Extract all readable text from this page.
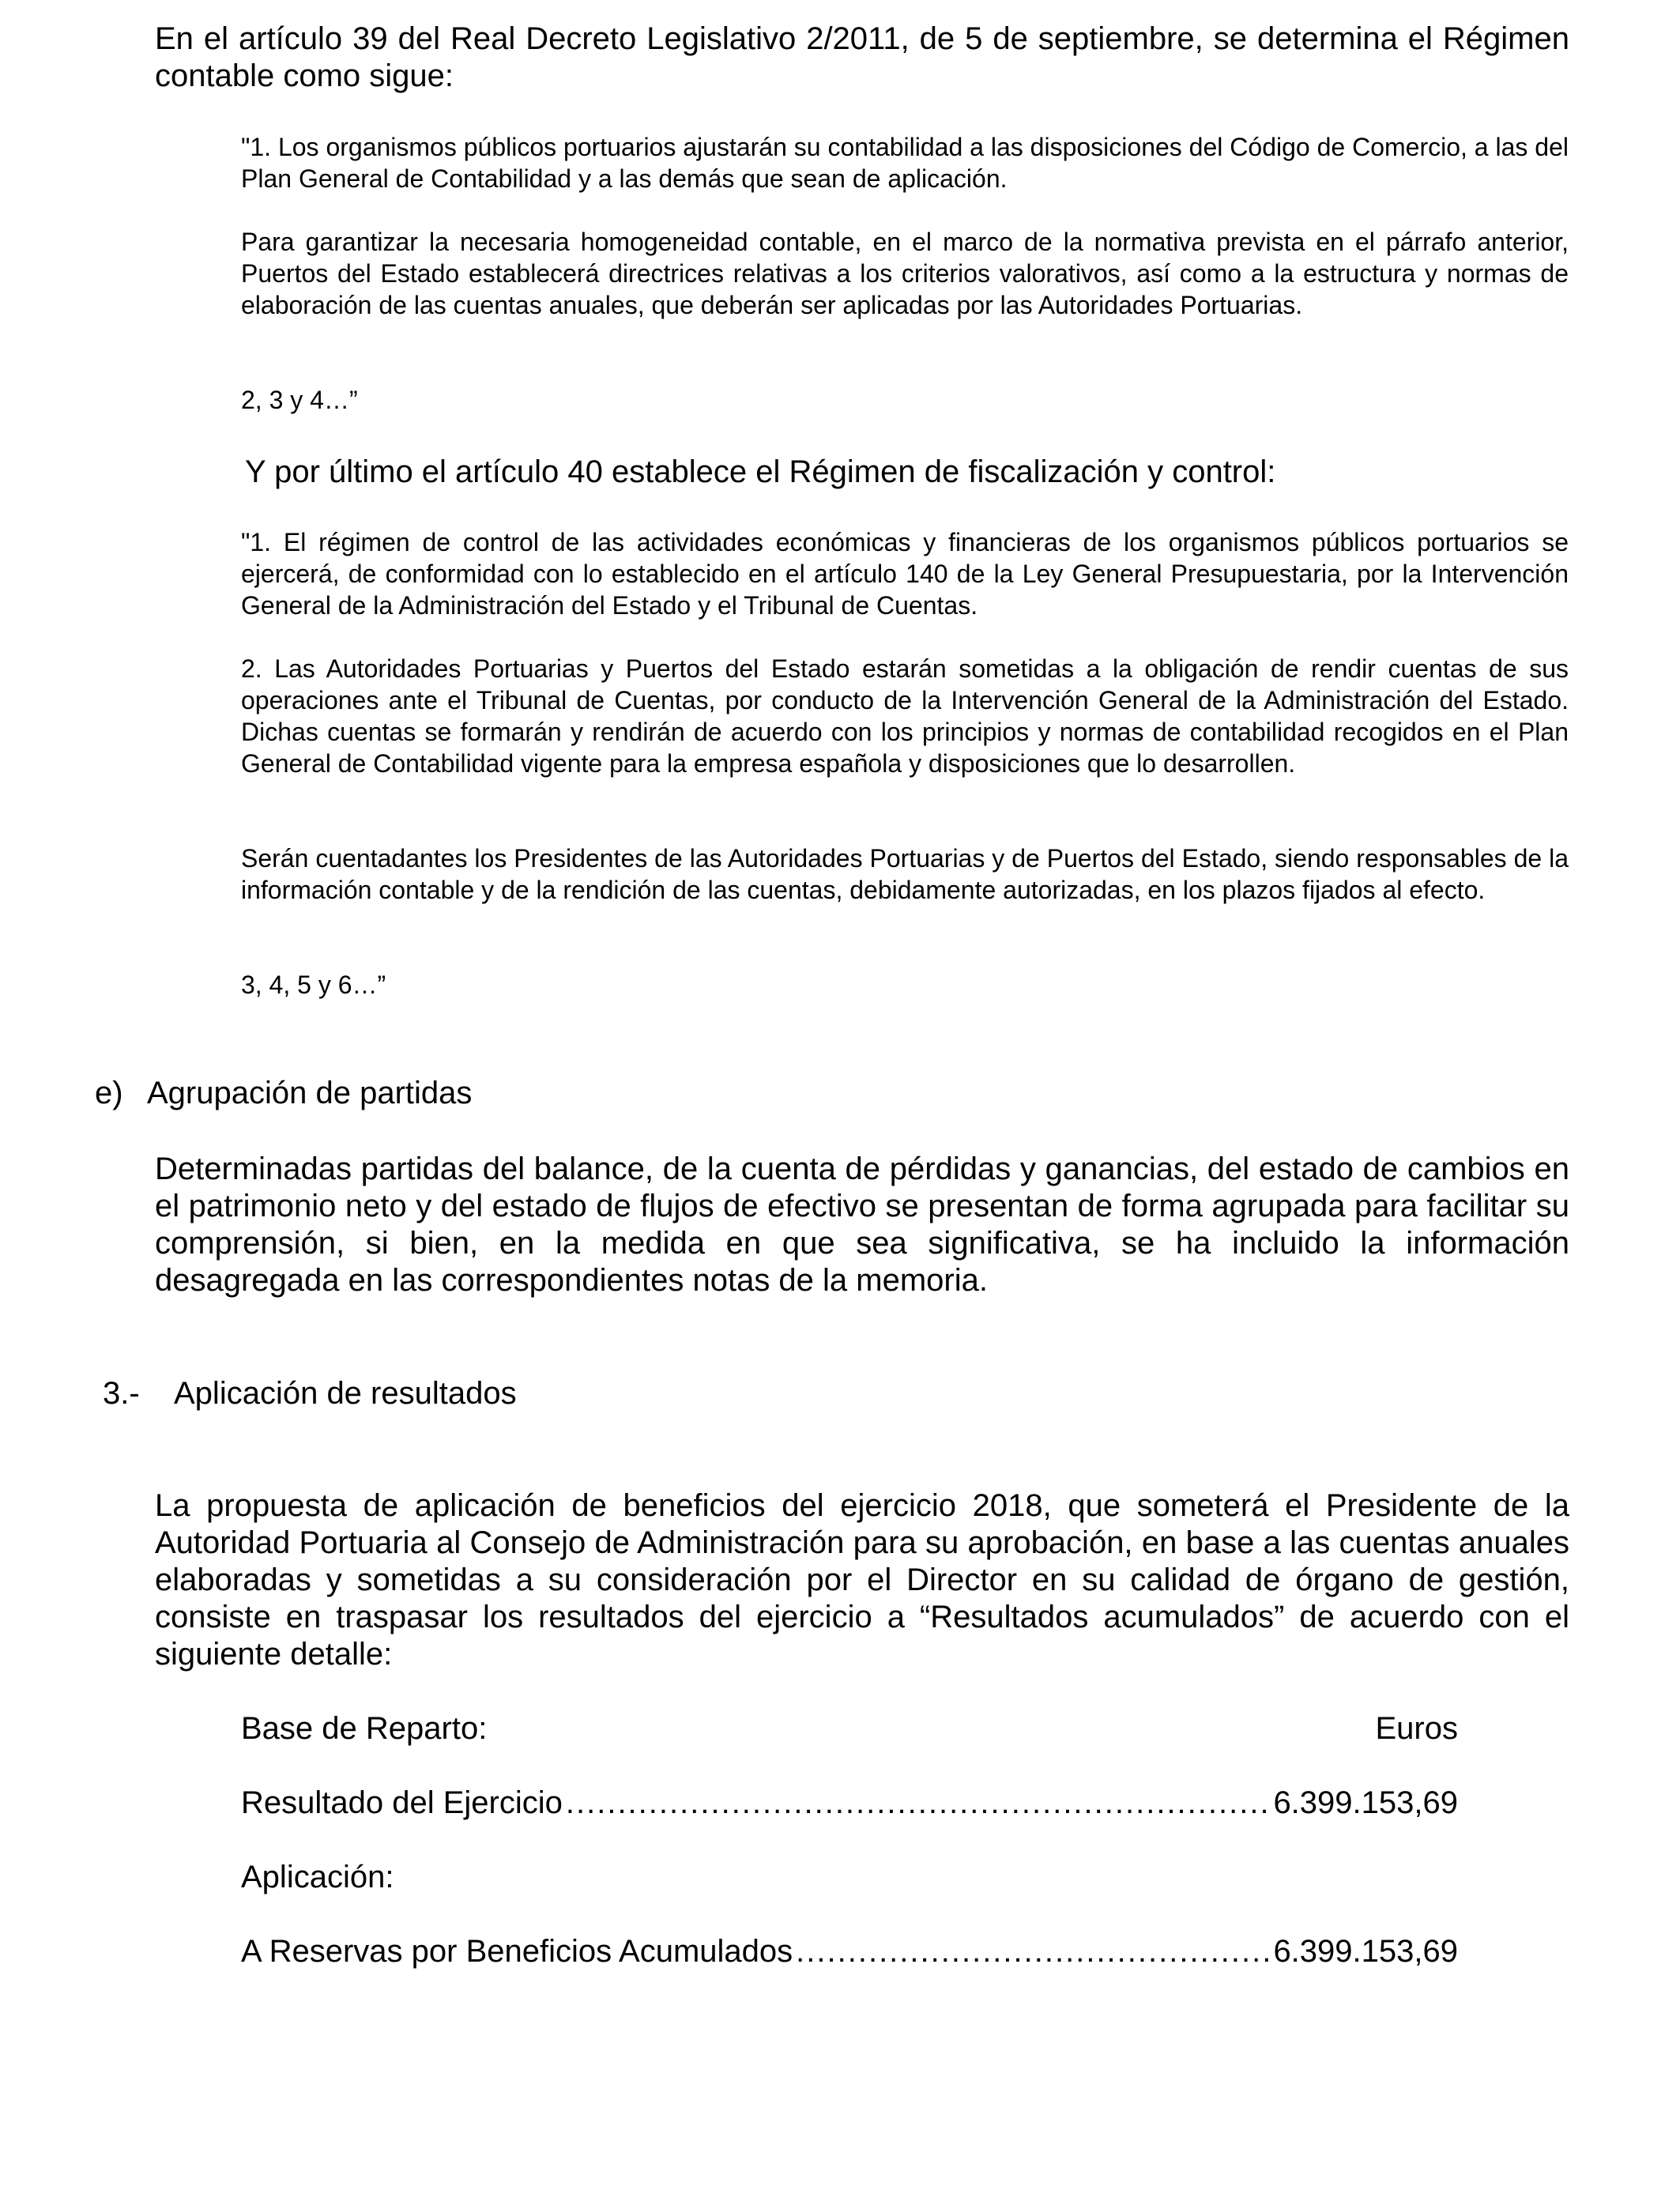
En el artículo 39 del Real Decreto Legislativo 2/2011, de 5 de septiembre, se determina el Régimen contable como sigue:

"1. Los organismos públicos portuarios ajustarán su contabilidad a las disposiciones del Código de Comercio, a las del Plan General de Contabilidad y a las demás que sean de aplicación.

Para garantizar la necesaria homogeneidad contable, en el marco de la normativa prevista en el párrafo anterior, Puertos del Estado establecerá directrices relativas a los criterios valorativos, así como a la estructura y normas de elaboración de las cuentas anuales, que deberán ser aplicadas por las Autoridades Portuarias.

2, 3 y 4…”

Y por último el artículo 40 establece el Régimen de fiscalización y control:

"1. El régimen de control de las actividades económicas y financieras de los organismos públicos portuarios se ejercerá, de conformidad con lo establecido en el artículo 140 de la Ley General Presupuestaria, por la Intervención General de la Administración del Estado y el Tribunal de Cuentas.

2. Las Autoridades Portuarias y Puertos del Estado estarán sometidas a la obligación de rendir cuentas de sus operaciones ante el Tribunal de Cuentas, por conducto de la Intervención General de la Administración del Estado. Dichas cuentas se formarán y rendirán de acuerdo con los principios y normas de contabilidad recogidos en el Plan General de Contabilidad vigente para la empresa española y disposiciones que lo desarrollen.

Serán cuentadantes los Presidentes de las Autoridades Portuarias y de Puertos del Estado, siendo responsables de la información contable y de la rendición de las cuentas, debidamente autorizadas, en los plazos fijados al efecto.

3, 4, 5 y 6…”

e) Agrupación de partidas

Determinadas partidas del balance, de la cuenta de pérdidas y ganancias, del estado de cambios en el patrimonio neto y del estado de flujos de efectivo se presentan de forma agrupada para facilitar su comprensión, si bien, en la medida en que sea significativa, se ha incluido la información desagregada en las correspondientes notas de la memoria.

3.- Aplicación de resultados

La propuesta de aplicación de beneficios del ejercicio 2018, que someterá el Presidente de la Autoridad Portuaria al Consejo de Administración para su aprobación, en base a las cuentas anuales elaboradas y sometidas a su consideración por el Director en su calidad de órgano de gestión, consiste en traspasar los resultados del ejercicio a “Resultados acumulados” de acuerdo con el siguiente detalle:

Base de Reparto:	Euros
Resultado del Ejercicio .....	6.399.153,69
Aplicación:
A Reservas por Beneficios Acumulados .....	6.399.153,69
